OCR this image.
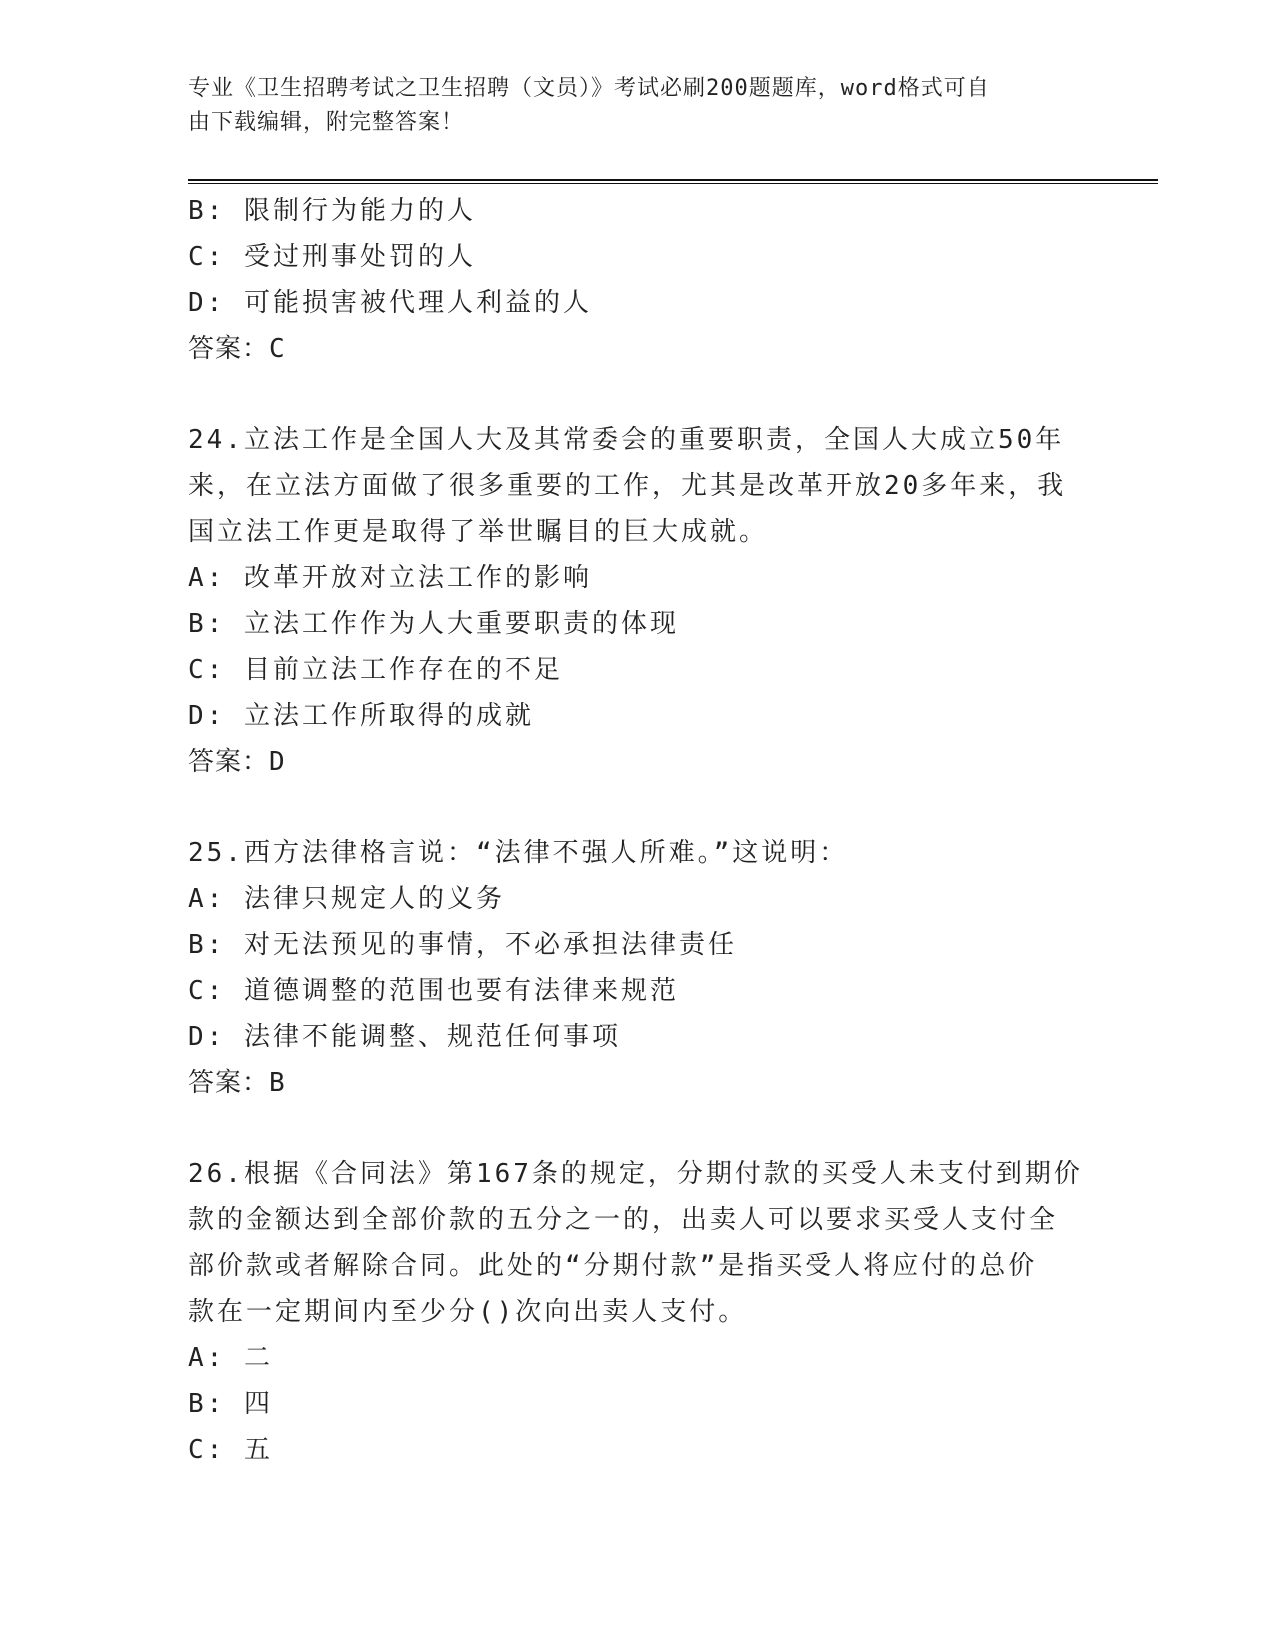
专业《卫生招聘考试之卫生招聘（文员）》考试必刷200题题库，word格式可自
由下载编辑，附完整答案！
B: 限制行为能力的人
C: 受过刑事处罚的人
D: 可能损害被代理人利益的人
答案：C
24.立法工作是全国人大及其常委会的重要职责，全国人大成立50年
来，在立法方面做了很多重要的工作，尤其是改革开放20多年来，我
国立法工作更是取得了举世瞩目的巨大成就。
A: 改革开放对立法工作的影响
B: 立法工作作为人大重要职责的体现
C: 目前立法工作存在的不足
D: 立法工作所取得的成就
答案：D
25.西方法律格言说：“法律不强人所难。”这说明：
A: 法律只规定人的义务
B: 对无法预见的事情，不必承担法律责任
C: 道德调整的范围也要有法律来规范
D: 法律不能调整、规范任何事项
答案：B
26.根据《合同法》第167条的规定，分期付款的买受人未支付到期价
款的金额达到全部价款的五分之一的，出卖人可以要求买受人支付全
部价款或者解除合同。此处的“分期付款”是指买受人将应付的总价
款在一定期间内至少分()次向出卖人支付。
A: 二
B: 四
C: 五
